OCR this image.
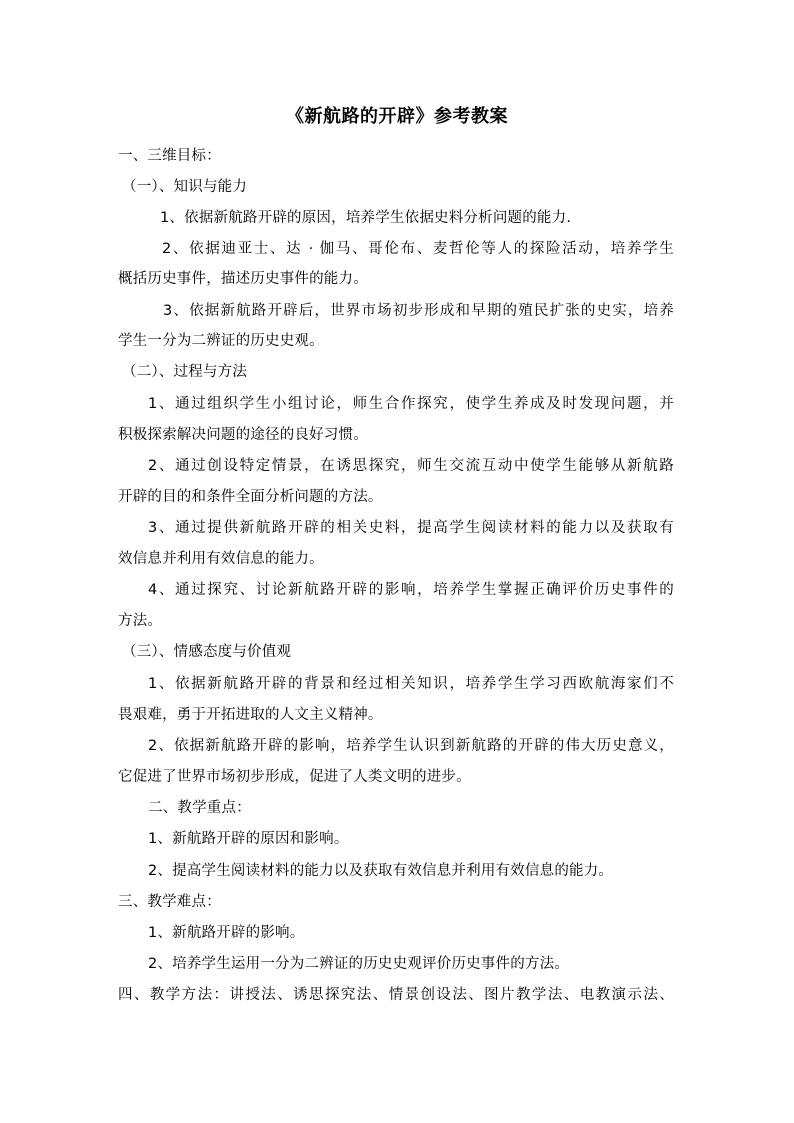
《新航路的开辟》参考教案
一、三维目标：
（一）、知识与能力
1、依据新航路开辟的原因，培养学生依据史料分析问题的能力.
2、依据迪亚士、达 · 伽马、哥伦布、麦哲伦等人的探险活动，培养学生
概括历史事件，描述历史事件的能力。
3、依据新航路开辟后，世界市场初步形成和早期的殖民扩张的史实，培养
学生一分为二辨证的历史史观。
（二）、过程与方法
1、通过组织学生小组讨论，师生合作探究，使学生养成及时发现问题，并
积极探索解决问题的途径的良好习惯。
2、通过创设特定情景，在诱思探究，师生交流互动中使学生能够从新航路
开辟的目的和条件全面分析问题的方法。
3、通过提供新航路开辟的相关史料，提高学生阅读材料的能力以及获取有
效信息并利用有效信息的能力。
4、通过探究、讨论新航路开辟的影响，培养学生掌握正确评价历史事件的
方法。
（三）、情感态度与价值观
1、依据新航路开辟的背景和经过相关知识，培养学生学习西欧航海家们不
畏艰难，勇于开拓进取的人文主义精神。
2、依据新航路开辟的影响，培养学生认识到新航路的开辟的伟大历史意义，
它促进了世界市场初步形成，促进了人类文明的进步。
二、教学重点：
1、新航路开辟的原因和影响。
2、提高学生阅读材料的能力以及获取有效信息并利用有效信息的能力。
三、教学难点：
1、新航路开辟的影响。
2、培养学生运用一分为二辨证的历史史观评价历史事件的方法。
四、教学方法：讲授法、诱思探究法、情景创设法、图片教学法、电教演示法、
